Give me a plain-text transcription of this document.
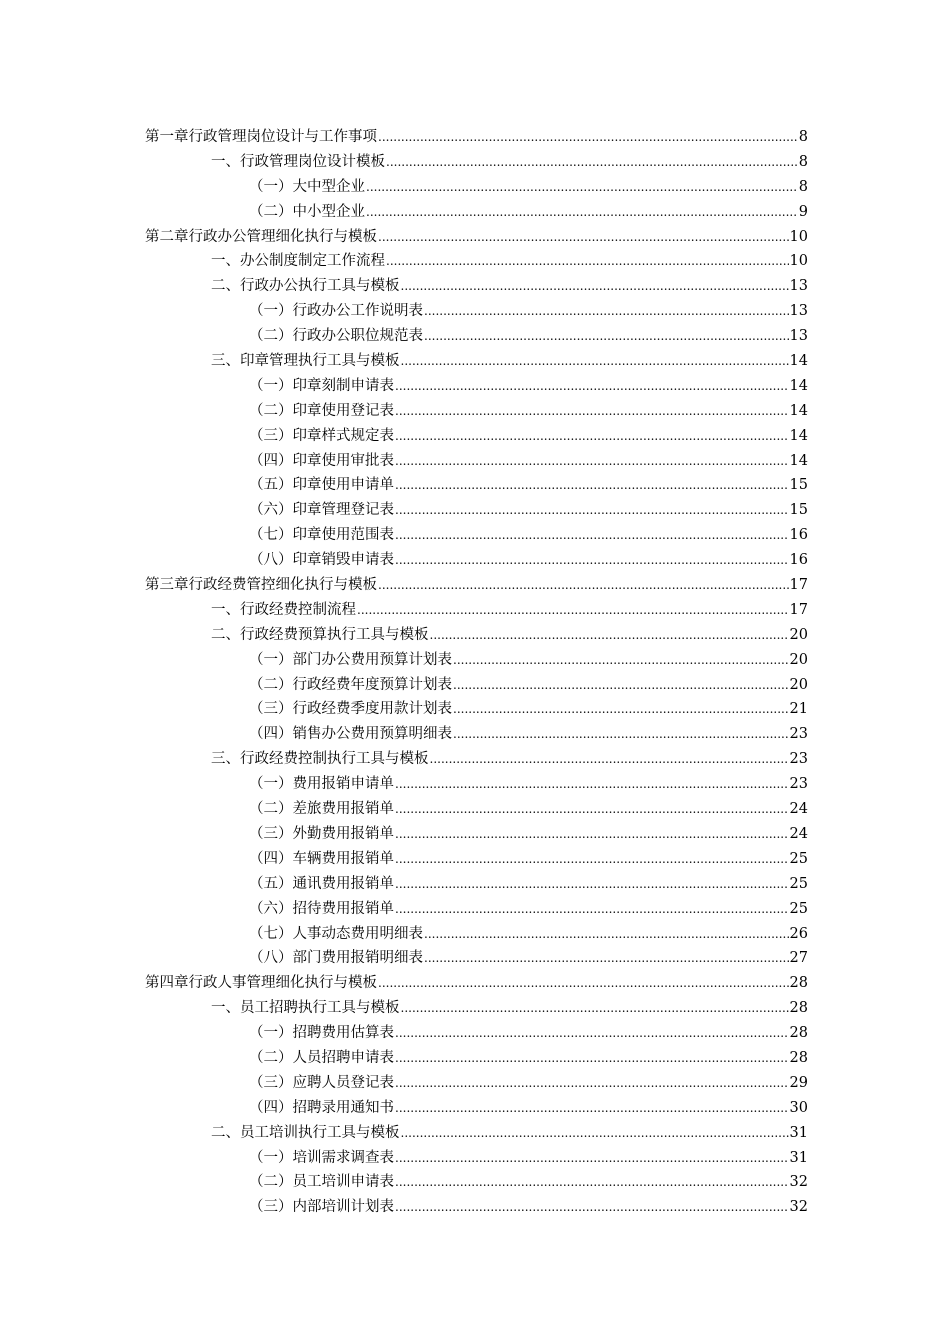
第一章 行政管理岗位设计与工作事项 .....	8
一、行政管理岗位设计模板 .....	8
（一）大中型企业 .....	8
（二）中小型企业 .....	9
第二章 行政办公管理细化执行与模板 .....	10
一、办公制度制定工作流程 .....	10
二、行政办公执行工具与模板 .....	13
（一）行政办公工作说明表 .....	13
（二）行政办公职位规范表 .....	13
三、印章管理执行工具与模板 .....	14
（一）印章刻制申请表 .....	14
（二）印章使用登记表 .....	14
（三）印章样式规定表 .....	14
（四）印章使用审批表 .....	14
（五）印章使用申请单 .....	15
（六）印章管理登记表 .....	15
（七）印章使用范围表 .....	16
（八）印章销毁申请表 .....	16
第三章 行政经费管控细化执行与模板 .....	17
一、行政经费控制流程 .....	17
二、行政经费预算执行工具与模板 .....	20
（一）部门办公费用预算计划表 .....	20
（二）行政经费年度预算计划表 .....	20
（三）行政经费季度用款计划表 .....	21
（四）销售办公费用预算明细表 .....	23
三、行政经费控制执行工具与模板 .....	23
（一）费用报销申请单 .....	23
（二）差旅费用报销单 .....	24
（三）外勤费用报销单 .....	24
（四）车辆费用报销单 .....	25
（五）通讯费用报销单 .....	25
（六）招待费用报销单 .....	25
（七）人事动态费用明细表 .....	26
（八）部门费用报销明细表 .....	27
第四章 行政人事管理细化执行与模板 .....	28
一、员工招聘执行工具与模板 .....	28
（一）招聘费用估算表 .....	28
（二）人员招聘申请表 .....	28
（三）应聘人员登记表 .....	29
（四）招聘录用通知书 .....	30
二、员工培训执行工具与模板 .....	31
（一）培训需求调查表 .....	31
（二）员工培训申请表 .....	32
（三）内部培训计划表 .....	32
